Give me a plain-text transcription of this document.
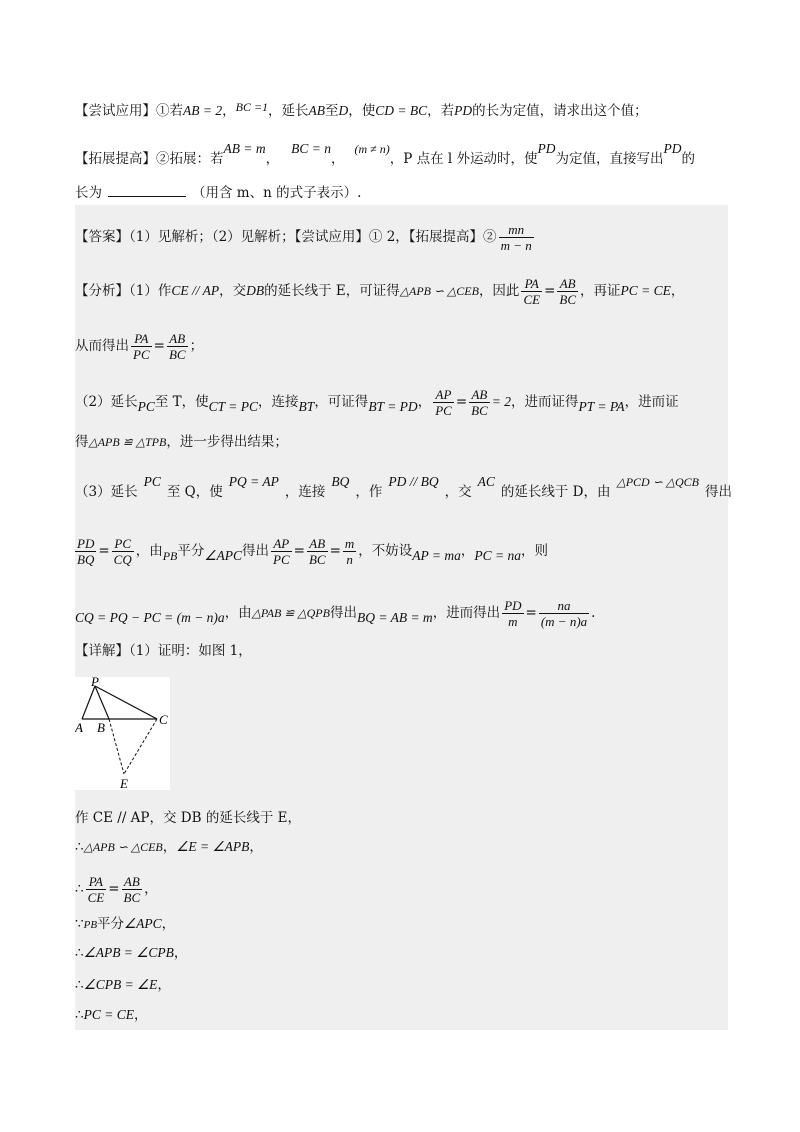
【尝试应用】①若AB = 2，BC =1，延长AB至D，使CD = BC，若PD的长为定值，请求出这个值；
【拓展提高】②拓展：若AB = m，BC = n，(m ≠ n)，P 点在 l 外运动时，使PD为定值，直接写出PD的
长为	（用含 m、n 的式子表示）.
【答案】（1）见解析；（2）见解析；【尝试应用】① 2，【拓展提高】② $\frac{mn}{m - n}$
【分析】（1）作CE // AP，交DB的延长线于 E，可证得△APB ∽ △CEB，因此 $\frac{PA}{CE} = \frac{AB}{BC}$ ，再证PC = CE，
从而得出 $\frac{PA}{PC} = \frac{AB}{BC}$ ；
（2）延长PC至 T，使CT = PC，连接BT，可证得BT = PD， $\frac{AP}{PC} = \frac{AB}{BC} = 2$，进而证得PT = PA，进而证
得△APB ≌ △TPB，进一步得出结果；
（3）延长PC至 Q，使PQ = AP，连接BQ，作PD // BQ，交AC的延长线于 D，由△PCD ∽ △QCB得出
$\frac{PD}{BQ} = \frac{PC}{CQ}$ ，由PB平分∠APC得出 $\frac{AP}{PC} = \frac{AB}{BC} = \frac{m}{n}$ ，不妨设AP = ma，PC = na，则
CQ = PQ − PC = (m − n)a，由△PAB ≌ △QPB得出BQ = AB = m，进而得出 $\frac{PD}{m} = \frac{na}{(m - n)a}$ .
【详解】（1）证明：如图 1，
P
A B
C
E
作 CE // AP，交 DB 的延长线于 E，
∴△APB ∽ △CEB，∠E = ∠APB，
∴ $\frac{PA}{CE} = \frac{AB}{BC}$ ，
∵PB平分∠APC，
∴∠APB = ∠CPB，
∴∠CPB = ∠E，
∴PC = CE，
